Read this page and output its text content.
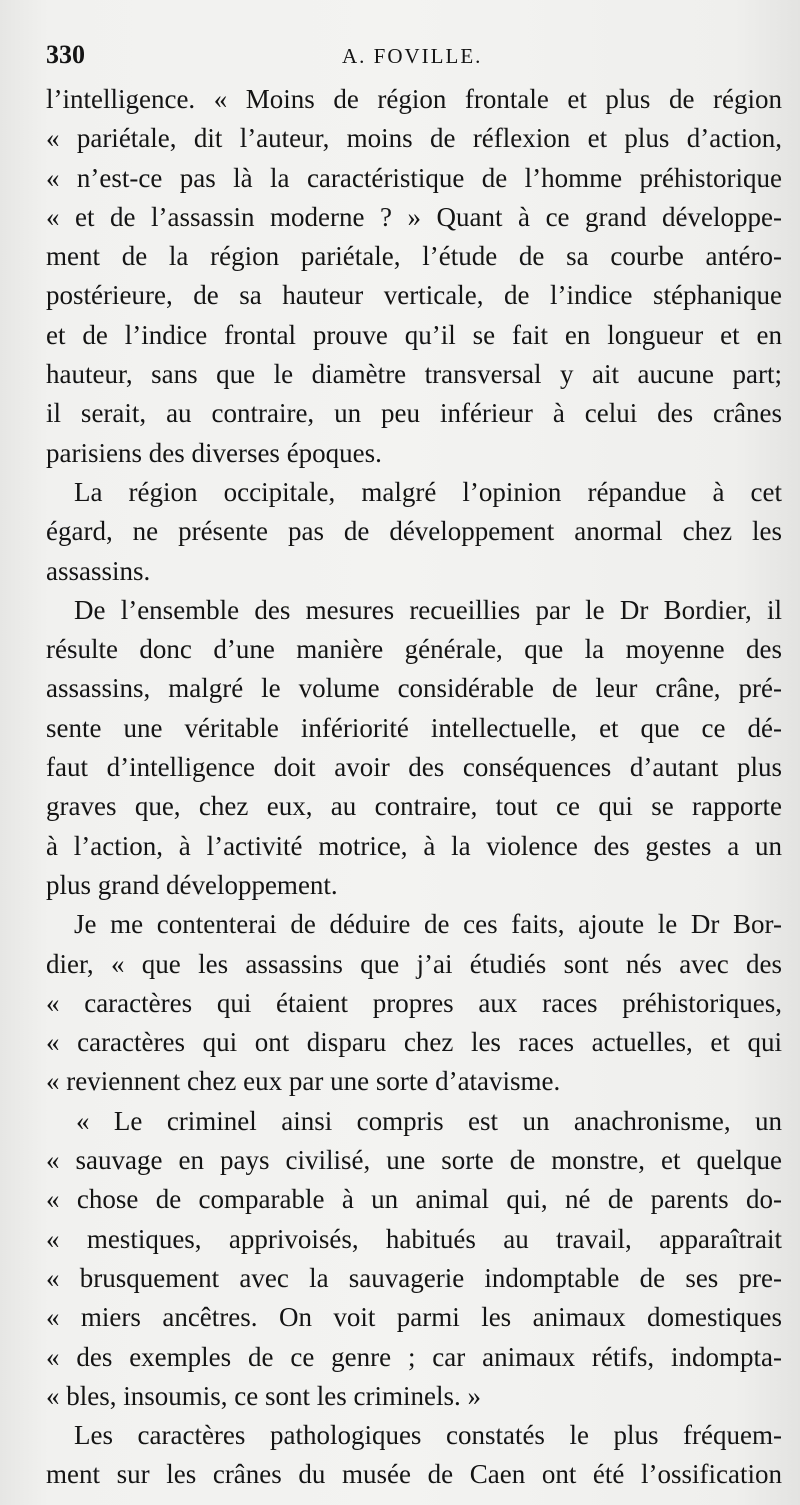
330	A. FOVILLE.
l’intelligence. « Moins de région frontale et plus de région
« pariétale, dit l’auteur, moins de réflexion et plus d’action,
« n’est-ce pas là la caractéristique de l’homme préhistorique
« et de l’assassin moderne ? » Quant à ce grand développe-
ment de la région pariétale, l’étude de sa courbe antéro-
postérieure, de sa hauteur verticale, de l’indice stéphanique
et de l’indice frontal prouve qu’il se fait en longueur et en
hauteur, sans que le diamètre transversal y ait aucune part;
il serait, au contraire, un peu inférieur à celui des crânes
parisiens des diverses époques.
La région occipitale, malgré l’opinion répandue à cet
égard, ne présente pas de développement anormal chez les
assassins.
De l’ensemble des mesures recueillies par le Dr Bordier, il
résulte donc d’une manière générale, que la moyenne des
assassins, malgré le volume considérable de leur crâne, pré-
sente une véritable infériorité intellectuelle, et que ce dé-
faut d’intelligence doit avoir des conséquences d’autant plus
graves que, chez eux, au contraire, tout ce qui se rapporte
à l’action, à l’activité motrice, à la violence des gestes a un
plus grand développement.
Je me contenterai de déduire de ces faits, ajoute le Dr Bor-
dier, « que les assassins que j’ai étudiés sont nés avec des
« caractères qui étaient propres aux races préhistoriques,
« caractères qui ont disparu chez les races actuelles, et qui
« reviennent chez eux par une sorte d’atavisme.
« Le criminel ainsi compris est un anachronisme, un
« sauvage en pays civilisé, une sorte de monstre, et quelque
« chose de comparable à un animal qui, né de parents do-
« mestiques, apprivoisés, habitués au travail, apparaîtrait
« brusquement avec la sauvagerie indomptable de ses pre-
« miers ancêtres. On voit parmi les animaux domestiques
« des exemples de ce genre ; car animaux rétifs, indompta-
« bles, insoumis, ce sont les criminels. »
Les caractères pathologiques constatés le plus fréquem-
ment sur les crânes du musée de Caen ont été l’ossification
